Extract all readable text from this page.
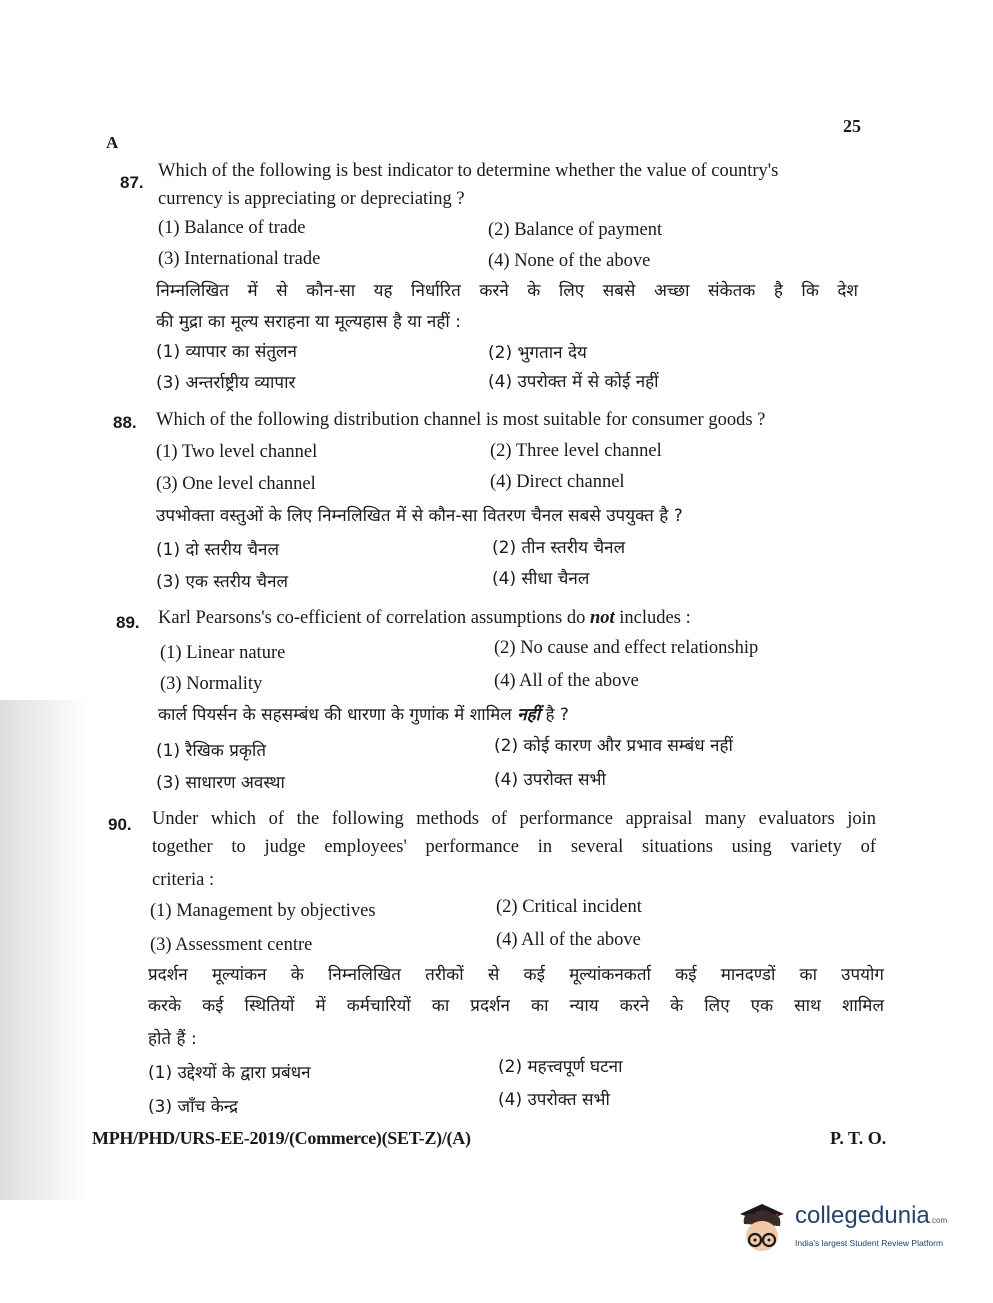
25
A
87.
Which of the following is best indicator to determine whether the value of country's
currency is appreciating or depreciating ?
(1) Balance of trade	(2) Balance of payment
(3) International trade	(4) None of the above
निम्नलिखित में से कौन-सा यह निर्धारित करने के लिए सबसे अच्छा संकेतक है कि देश
की मुद्रा का मूल्य सराहना या मूल्यहास है या नहीं :
(1) व्यापार का संतुलन	(2) भुगतान देय
(3) अन्तर्राष्ट्रीय व्यापार	(4) उपरोक्त में से कोई नहीं
88. Which of the following distribution channel is most suitable for consumer goods ?
(1) Two level channel	(2) Three level channel
(3) One level channel	(4) Direct channel
उपभोक्ता वस्तुओं के लिए निम्नलिखित में से कौन-सा वितरण चैनल सबसे उपयुक्त है ?
(1) दो स्तरीय चैनल	(2) तीन स्तरीय चैनल
(3) एक स्तरीय चैनल	(4) सीधा चैनल
89. Karl Pearsons's co-efficient of correlation assumptions do not includes :
(1) Linear nature	(2) No cause and effect relationship
(3) Normality	(4) All of the above
कार्ल पियर्सन के सहसम्बंध की धारणा के गुणांक में शामिल नहीं है ?
(1) रैखिक प्रकृति	(2) कोई कारण और प्रभाव सम्बंध नहीं
(3) साधारण अवस्था	(4) उपरोक्त सभी
90. Under which of the following methods of performance appraisal many evaluators join
together to judge employees' performance in several situations using variety of
criteria :
(1) Management by objectives	(2) Critical incident
(3) Assessment centre	(4) All of the above
प्रदर्शन मूल्यांकन के निम्नलिखित तरीकों से कई मूल्यांकनकर्ता कई मानदण्डों का उपयोग
करके कई स्थितियों में कर्मचारियों का प्रदर्शन का न्याय करने के लिए एक साथ शामिल
होते हैं :
(1) उद्देश्यों के द्वारा प्रबंधन	(2) महत्त्वपूर्ण घटना
(3) जाँच केन्द्र	(4) उपरोक्त सभी
MPH/PHD/URS-EE-2019/(Commerce)(SET-Z)/(A)	P. T. O.
collegedunia.com
India's largest Student Review Platform
